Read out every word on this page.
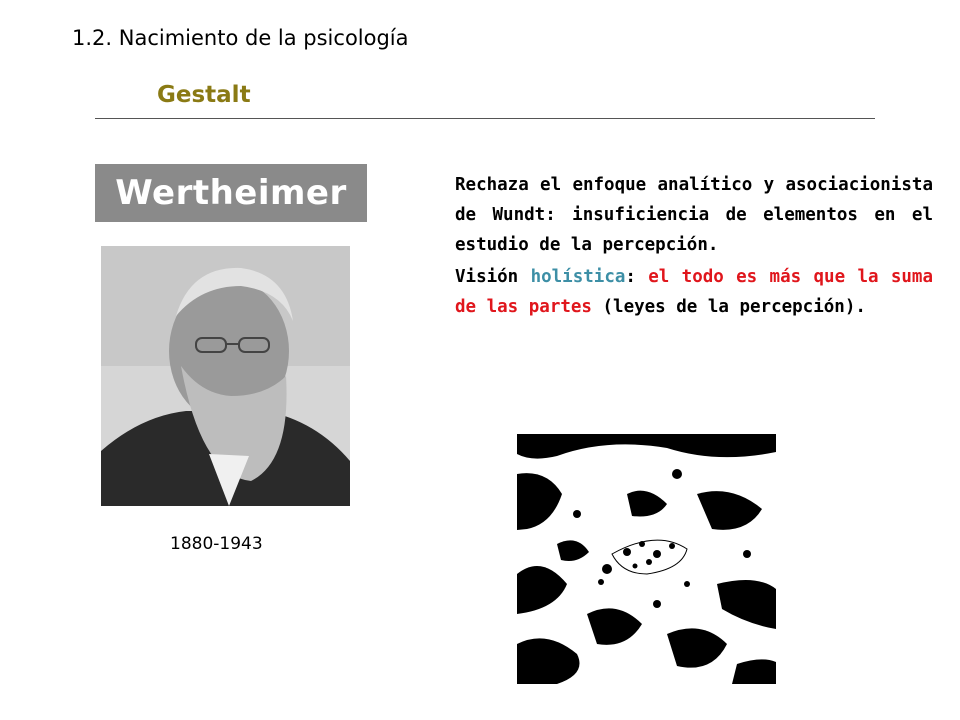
1.2. Nacimiento de la psicología
Gestalt
Wertheimer
1880-1943

Rechaza el enfoque analítico y asociacionista de Wundt: insuficiencia de elementos en el estudio de la percepción.

Visión holística: el todo es más que la suma de las partes (leyes de la percepción).
